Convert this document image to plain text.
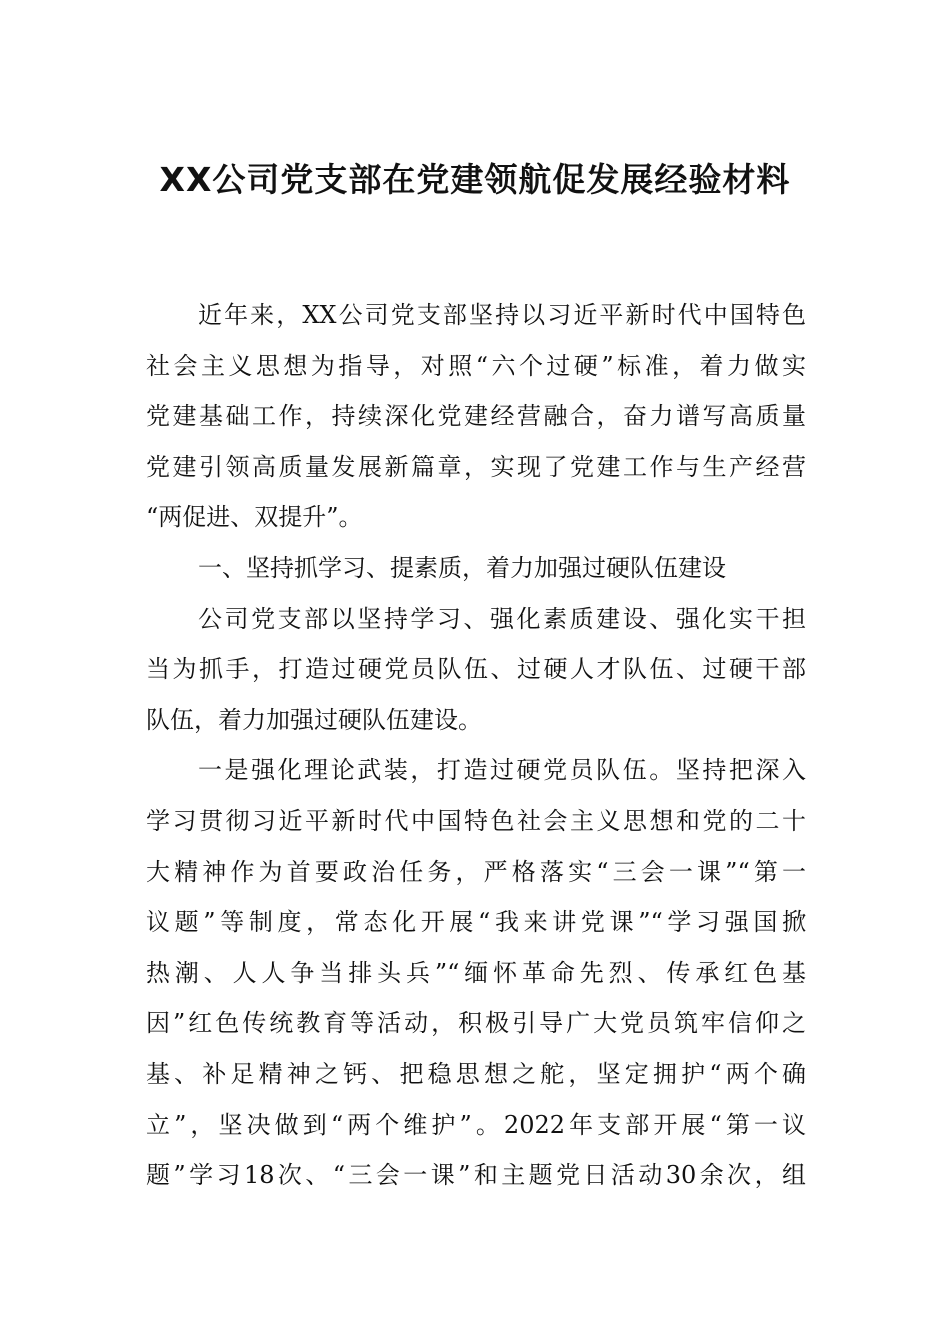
XX公司党支部在党建领航促发展经验材料
近年来，XX公司党支部坚持以习近平新时代中国特色
社会主义思想为指导，对照“六个过硬”标准，着力做实
党建基础工作，持续深化党建经营融合，奋力谱写高质量
党建引领高质量发展新篇章，实现了党建工作与生产经营
“两促进、双提升”。
一、坚持抓学习、提素质，着力加强过硬队伍建设
公司党支部以坚持学习、强化素质建设、强化实干担
当为抓手，打造过硬党员队伍、过硬人才队伍、过硬干部
队伍，着力加强过硬队伍建设。
一是强化理论武装，打造过硬党员队伍。坚持把深入
学习贯彻习近平新时代中国特色社会主义思想和党的二十
大精神作为首要政治任务，严格落实“三会一课”“第一
议题”等制度，常态化开展“我来讲党课”“学习强国掀
热潮、人人争当排头兵”“缅怀革命先烈、传承红色基
因”红色传统教育等活动，积极引导广大党员筑牢信仰之
基、补足精神之钙、把稳思想之舵，坚定拥护“两个确
立”，坚决做到“两个维护”。2022年支部开展“第一议
题”学习18次、“三会一课”和主题党日活动30余次，组
